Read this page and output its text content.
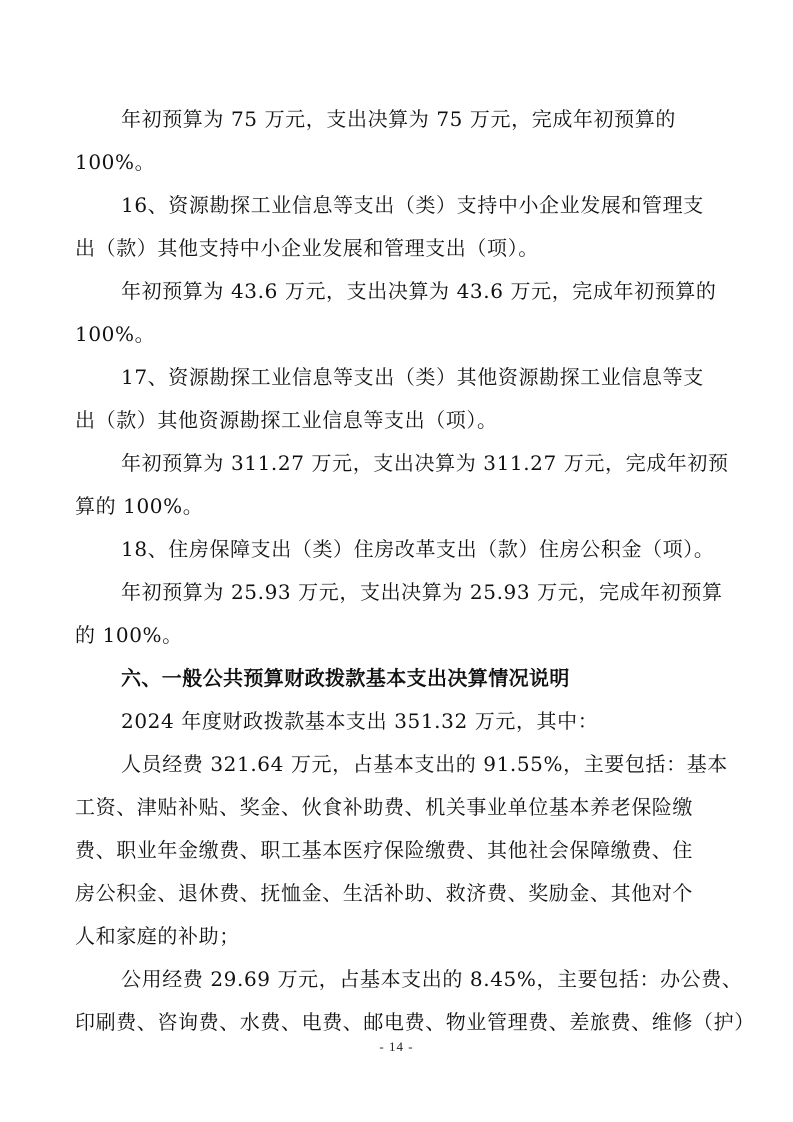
年初预算为 75 万元，支出决算为 75 万元，完成年初预算的
100%。
16、资源勘探工业信息等支出（类）支持中小企业发展和管理支
出（款）其他支持中小企业发展和管理支出（项）。
年初预算为 43.6 万元，支出决算为 43.6 万元，完成年初预算的
100%。
17、资源勘探工业信息等支出（类）其他资源勘探工业信息等支
出（款）其他资源勘探工业信息等支出（项）。
年初预算为 311.27 万元，支出决算为 311.27 万元，完成年初预
算的 100%。
18、住房保障支出（类）住房改革支出（款）住房公积金（项）。
年初预算为 25.93 万元，支出决算为 25.93 万元，完成年初预算
的 100%。
六、一般公共预算财政拨款基本支出决算情况说明
2024 年度财政拨款基本支出 351.32 万元，其中：
人员经费 321.64 万元，占基本支出的 91.55%，主要包括：基本
工资、津贴补贴、奖金、伙食补助费、机关事业单位基本养老保险缴
费、职业年金缴费、职工基本医疗保险缴费、其他社会保障缴费、住
房公积金、退休费、抚恤金、生活补助、救济费、奖励金、其他对个
人和家庭的补助；
公用经费 29.69 万元，占基本支出的 8.45%，主要包括：办公费、
印刷费、咨询费、水费、电费、邮电费、物业管理费、差旅费、维修（护）
- 14 -
